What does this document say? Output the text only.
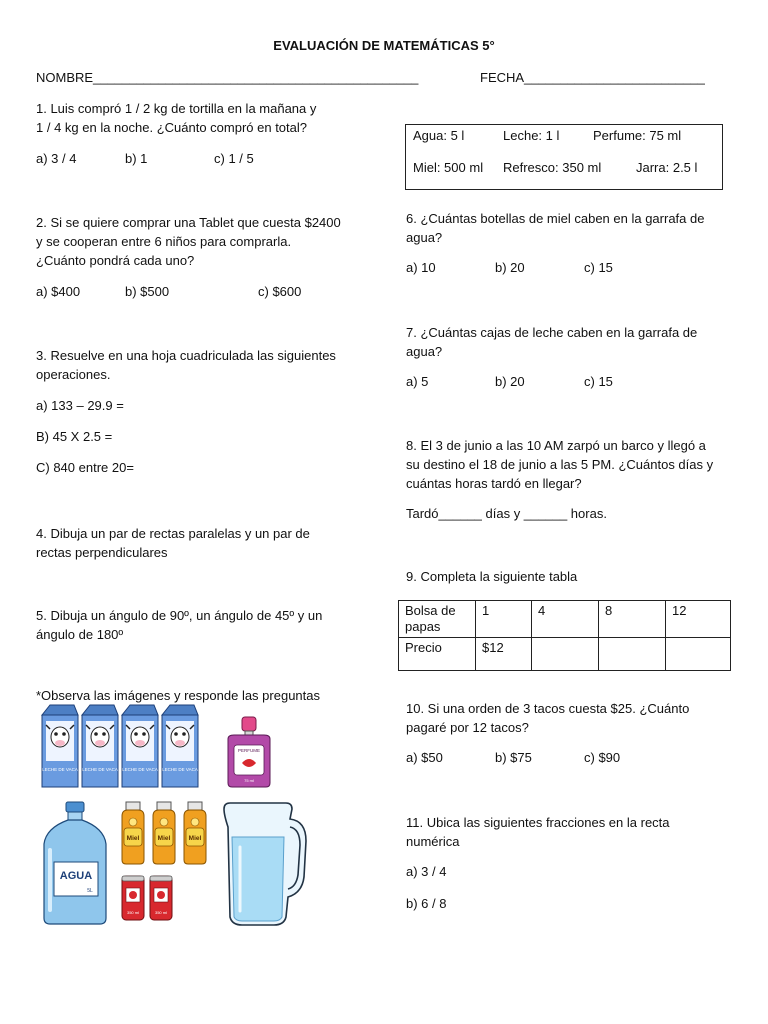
EVALUACIÓN DE MATEMÁTICAS 5°
NOMBRE_____________________________________________	FECHA_________________________
1. Luis compró 1 / 2 kg de tortilla en la mañana y
1 / 4 kg en la noche. ¿Cuánto compró en total?
a) 3 / 4	b) 1	c) 1 / 5
2. Si se quiere comprar una Tablet que cuesta $2400
y se cooperan entre 6 niños para comprarla.
¿Cuánto pondrá cada uno?
a) $400	b) $500	c) $600
3. Resuelve en una hoja cuadriculada las siguientes
operaciones.
a) 133 – 29.9 =
B) 45 X 2.5 =
C) 840 entre 20=
4. Dibuja un par de rectas paralelas y un par de
rectas perpendiculares
5. Dibuja un ángulo de 90º, un ángulo de 45º y un
ángulo de 180º
*Observa las imágenes y responde las preguntas
LECHE DE VACA LECHE DE VACA LECHE DE VACA LECHE DE VACA
PERFUME
75 ml
AGUA
5L
Miel	Miel	Miel
350 ml	350 ml
Agua: 5 l	Leche: 1 l	Perfume: 75 ml
Miel: 500 ml Refresco: 350 ml	Jarra: 2.5 l
6. ¿Cuántas botellas de miel caben en la garrafa de
agua?
a) 10	b) 20	c) 15
7. ¿Cuántas cajas de leche caben en la garrafa de
agua?
a) 5	b) 20	c) 15
8. El 3 de junio a las 10 AM zarpó un barco y llegó a
su destino el 18 de junio a las 5 PM. ¿Cuántos días y
cuántas horas tardó en llegar?
Tardó______ días y ______ horas.
9. Completa la siguiente tabla
Bolsa de papas	1	4	8	12
Precio	$12			
10. Si una orden de 3 tacos cuesta $25. ¿Cuánto
pagaré por 12 tacos?
a) $50	b) $75	c) $90
11. Ubica las siguientes fracciones en la recta
numérica
a) 3 / 4
b) 6 / 8
